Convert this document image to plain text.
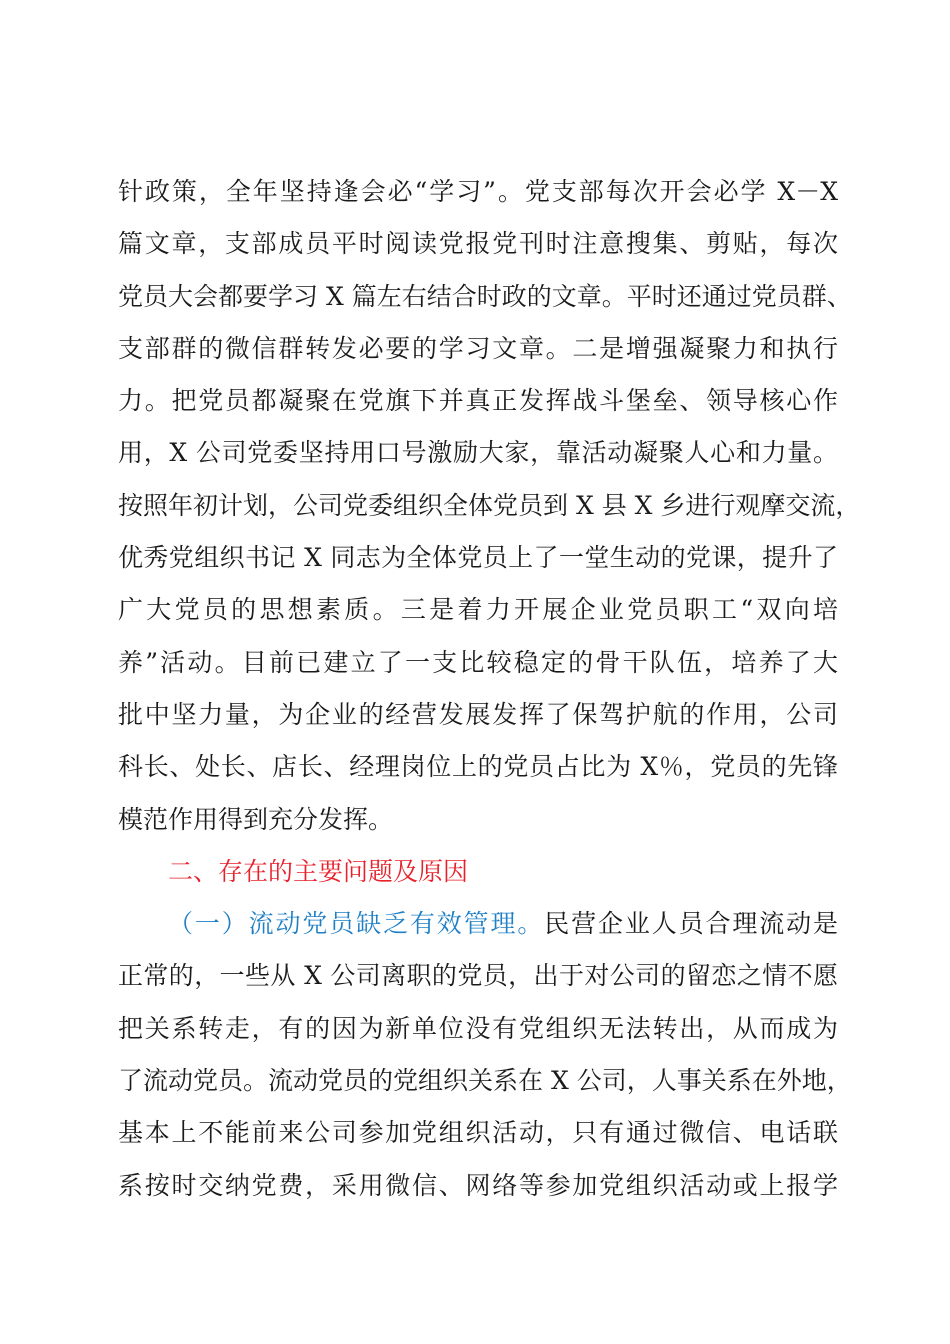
针政策，全年坚持逢会必“学习”。党支部每次开会必学 X－X
篇文章，支部成员平时阅读党报党刊时注意搜集、剪贴，每次
党员大会都要学习 X 篇左右结合时政的文章。平时还通过党员群、
支部群的微信群转发必要的学习文章。二是增强凝聚力和执行
力。把党员都凝聚在党旗下并真正发挥战斗堡垒、领导核心作
用，X 公司党委坚持用口号激励大家，靠活动凝聚人心和力量。
按照年初计划，公司党委组织全体党员到 X 县 X 乡进行观摩交流，
优秀党组织书记 X 同志为全体党员上了一堂生动的党课，提升了
广大党员的思想素质。三是着力开展企业党员职工“双向培
养”活动。目前已建立了一支比较稳定的骨干队伍，培养了大
批中坚力量，为企业的经营发展发挥了保驾护航的作用，公司
科长、处长、店长、经理岗位上的党员占比为 X％，党员的先锋
模范作用得到充分发挥。
二、存在的主要问题及原因
（一）流动党员缺乏有效管理。民营企业人员合理流动是
正常的，一些从 X 公司离职的党员，出于对公司的留恋之情不愿
把关系转走，有的因为新单位没有党组织无法转出，从而成为
了流动党员。流动党员的党组织关系在 X 公司，人事关系在外地，
基本上不能前来公司参加党组织活动，只有通过微信、电话联
系按时交纳党费，采用微信、网络等参加党组织活动或上报学
